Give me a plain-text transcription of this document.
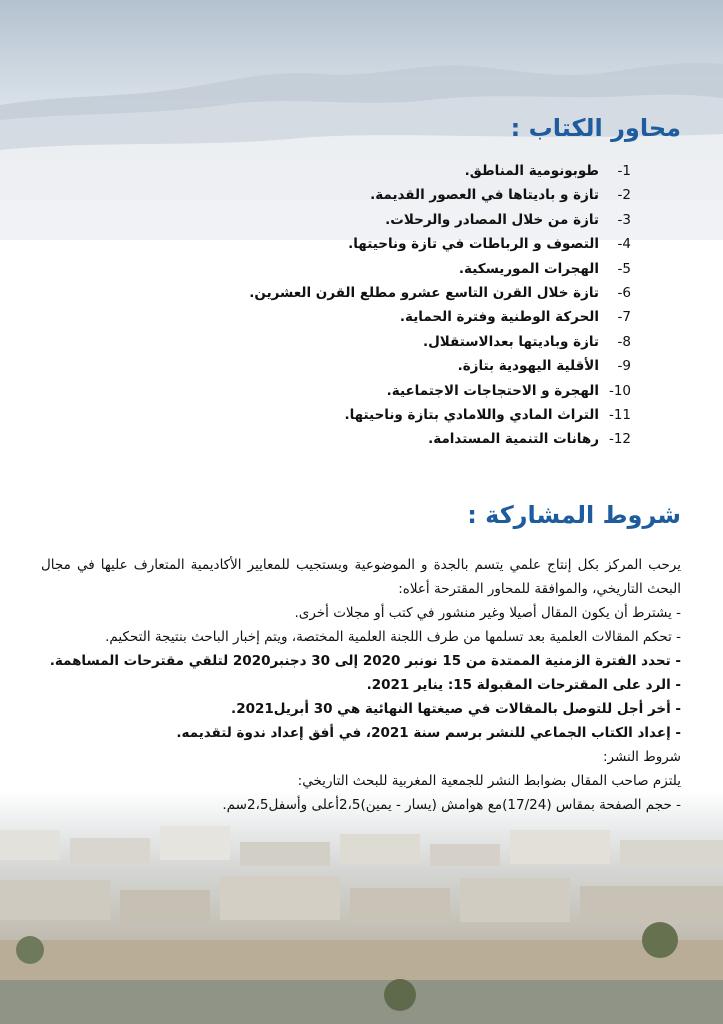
محاور الكتاب :
1-
طوبونومية المناطق.
2-
تازة و باديتاها في العصور القديمة.
3-
تازة من خلال المصادر والرحلات.
4-
التصوف و الرباطات في تازة وناحيتها.
5-
الهجرات الموريسكية.
6-
تازة خلال القرن التاسع عشرو مطلع القرن العشرين.
7-
الحركة الوطنية وفترة الحماية.
8-
تازة وباديتها بعدالاستقلال.
9-
الأقلية اليهودية بتازة.
10-
الهجرة و الاحتجاجات الاجتماعية.
11-
التراث المادي واللامادي بتازة وناحيتها.
12-
رهانات التنمية المستدامة.
شروط المشاركة :

يرحب المركز بكل إنتاج علمي يتسم بالجدة و الموضوعية ويستجيب للمعايير الأكاديمية المتعارف عليها في مجال البحث التاريخي، والموافقة للمحاور المقترحة أعلاه:

- يشترط أن يكون المقال أصيلا وغير منشور في كتب أو مجلات أخرى.

- تحكم المقالات العلمية بعد تسلمها من طرف اللجنة العلمية المختصة، ويتم إخبار الباحث بنتيجة التحكيم.

- تحدد الفترة الزمنية الممتدة من 15 نونبر 2020 إلى 30 دجنبر2020 لتلقي مقترحات المساهمة.

- الرد على المقترحات المقبولة 15: يناير 2021.

- أخر أجل للتوصل بالمقالات في صيغتها النهائية هي 30 أبريل2021.

- إعداد الكتاب الجماعي للنشر برسم سنة 2021، في أفق إعداد ندوة لتقديمه.

شروط النشر:

يلتزم صاحب المقال بضوابط النشر للجمعية المغربية للبحث التاريخي:

- حجم الصفحة بمقاس (17/24)مع هوامش (يسار - يمين)2،5أعلى وأسفل2،5سم.
